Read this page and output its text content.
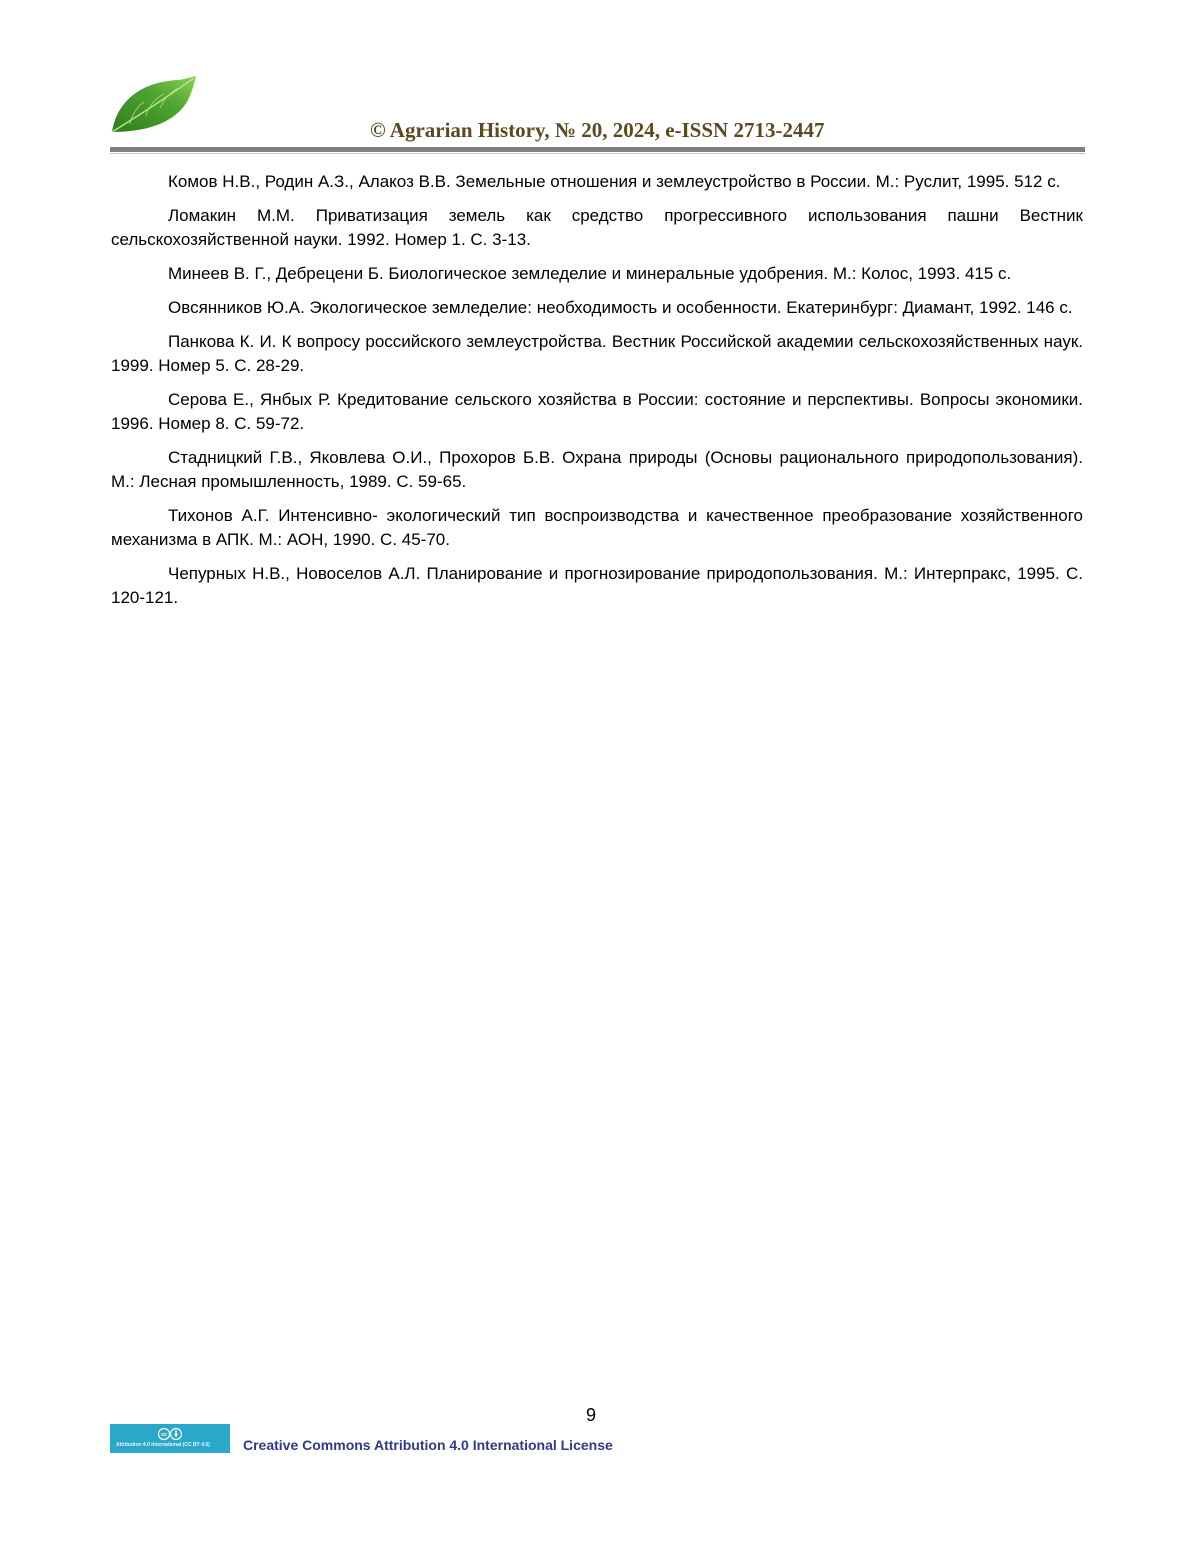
© Agrarian History, № 20, 2024, e-ISSN 2713-2447

Комов Н.В., Родин А.З., Алакоз В.В. Земельные отношения и землеустройство в России. М.: Руслит, 1995. 512 с.

Ломакин М.М. Приватизация земель как средство прогрессивного использования пашни Вестник сельскохозяйственной науки. 1992. Номер 1. С. 3-13.

Минеев В. Г., Дебрецени Б. Биологическое земледелие и минеральные удобрения. М.: Колос, 1993. 415 с.

Овсянников Ю.А. Экологическое земледелие: необходимость и особенности. Екатеринбург: Диамант, 1992. 146 с.

Панкова К. И. К вопросу российского землеустройства. Вестник Российской академии сельскохозяйственных наук. 1999. Номер 5. С. 28-29.

Серова Е., Янбых Р. Кредитование сельского хозяйства в России: состояние и перспективы. Вопросы экономики. 1996. Номер 8. С. 59-72.

Стадницкий Г.В., Яковлева О.И., Прохоров Б.В. Охрана природы (Основы рационального природопользования). М.: Лесная промышленность, 1989. С. 59-65.

Тихонов А.Г. Интенсивно- экологический тип воспроизводства и качественное преобразование хозяйственного механизма в АПК. М.: АОН, 1990. С. 45-70.

Чепурных Н.В., Новоселов А.Л. Планирование и прогнозирование природопользования. М.: Интерпракс, 1995. С. 120-121.

9
cc
Attribution 4.0 International (CC BY 4.0) Creative Commons Attribution 4.0 International License
